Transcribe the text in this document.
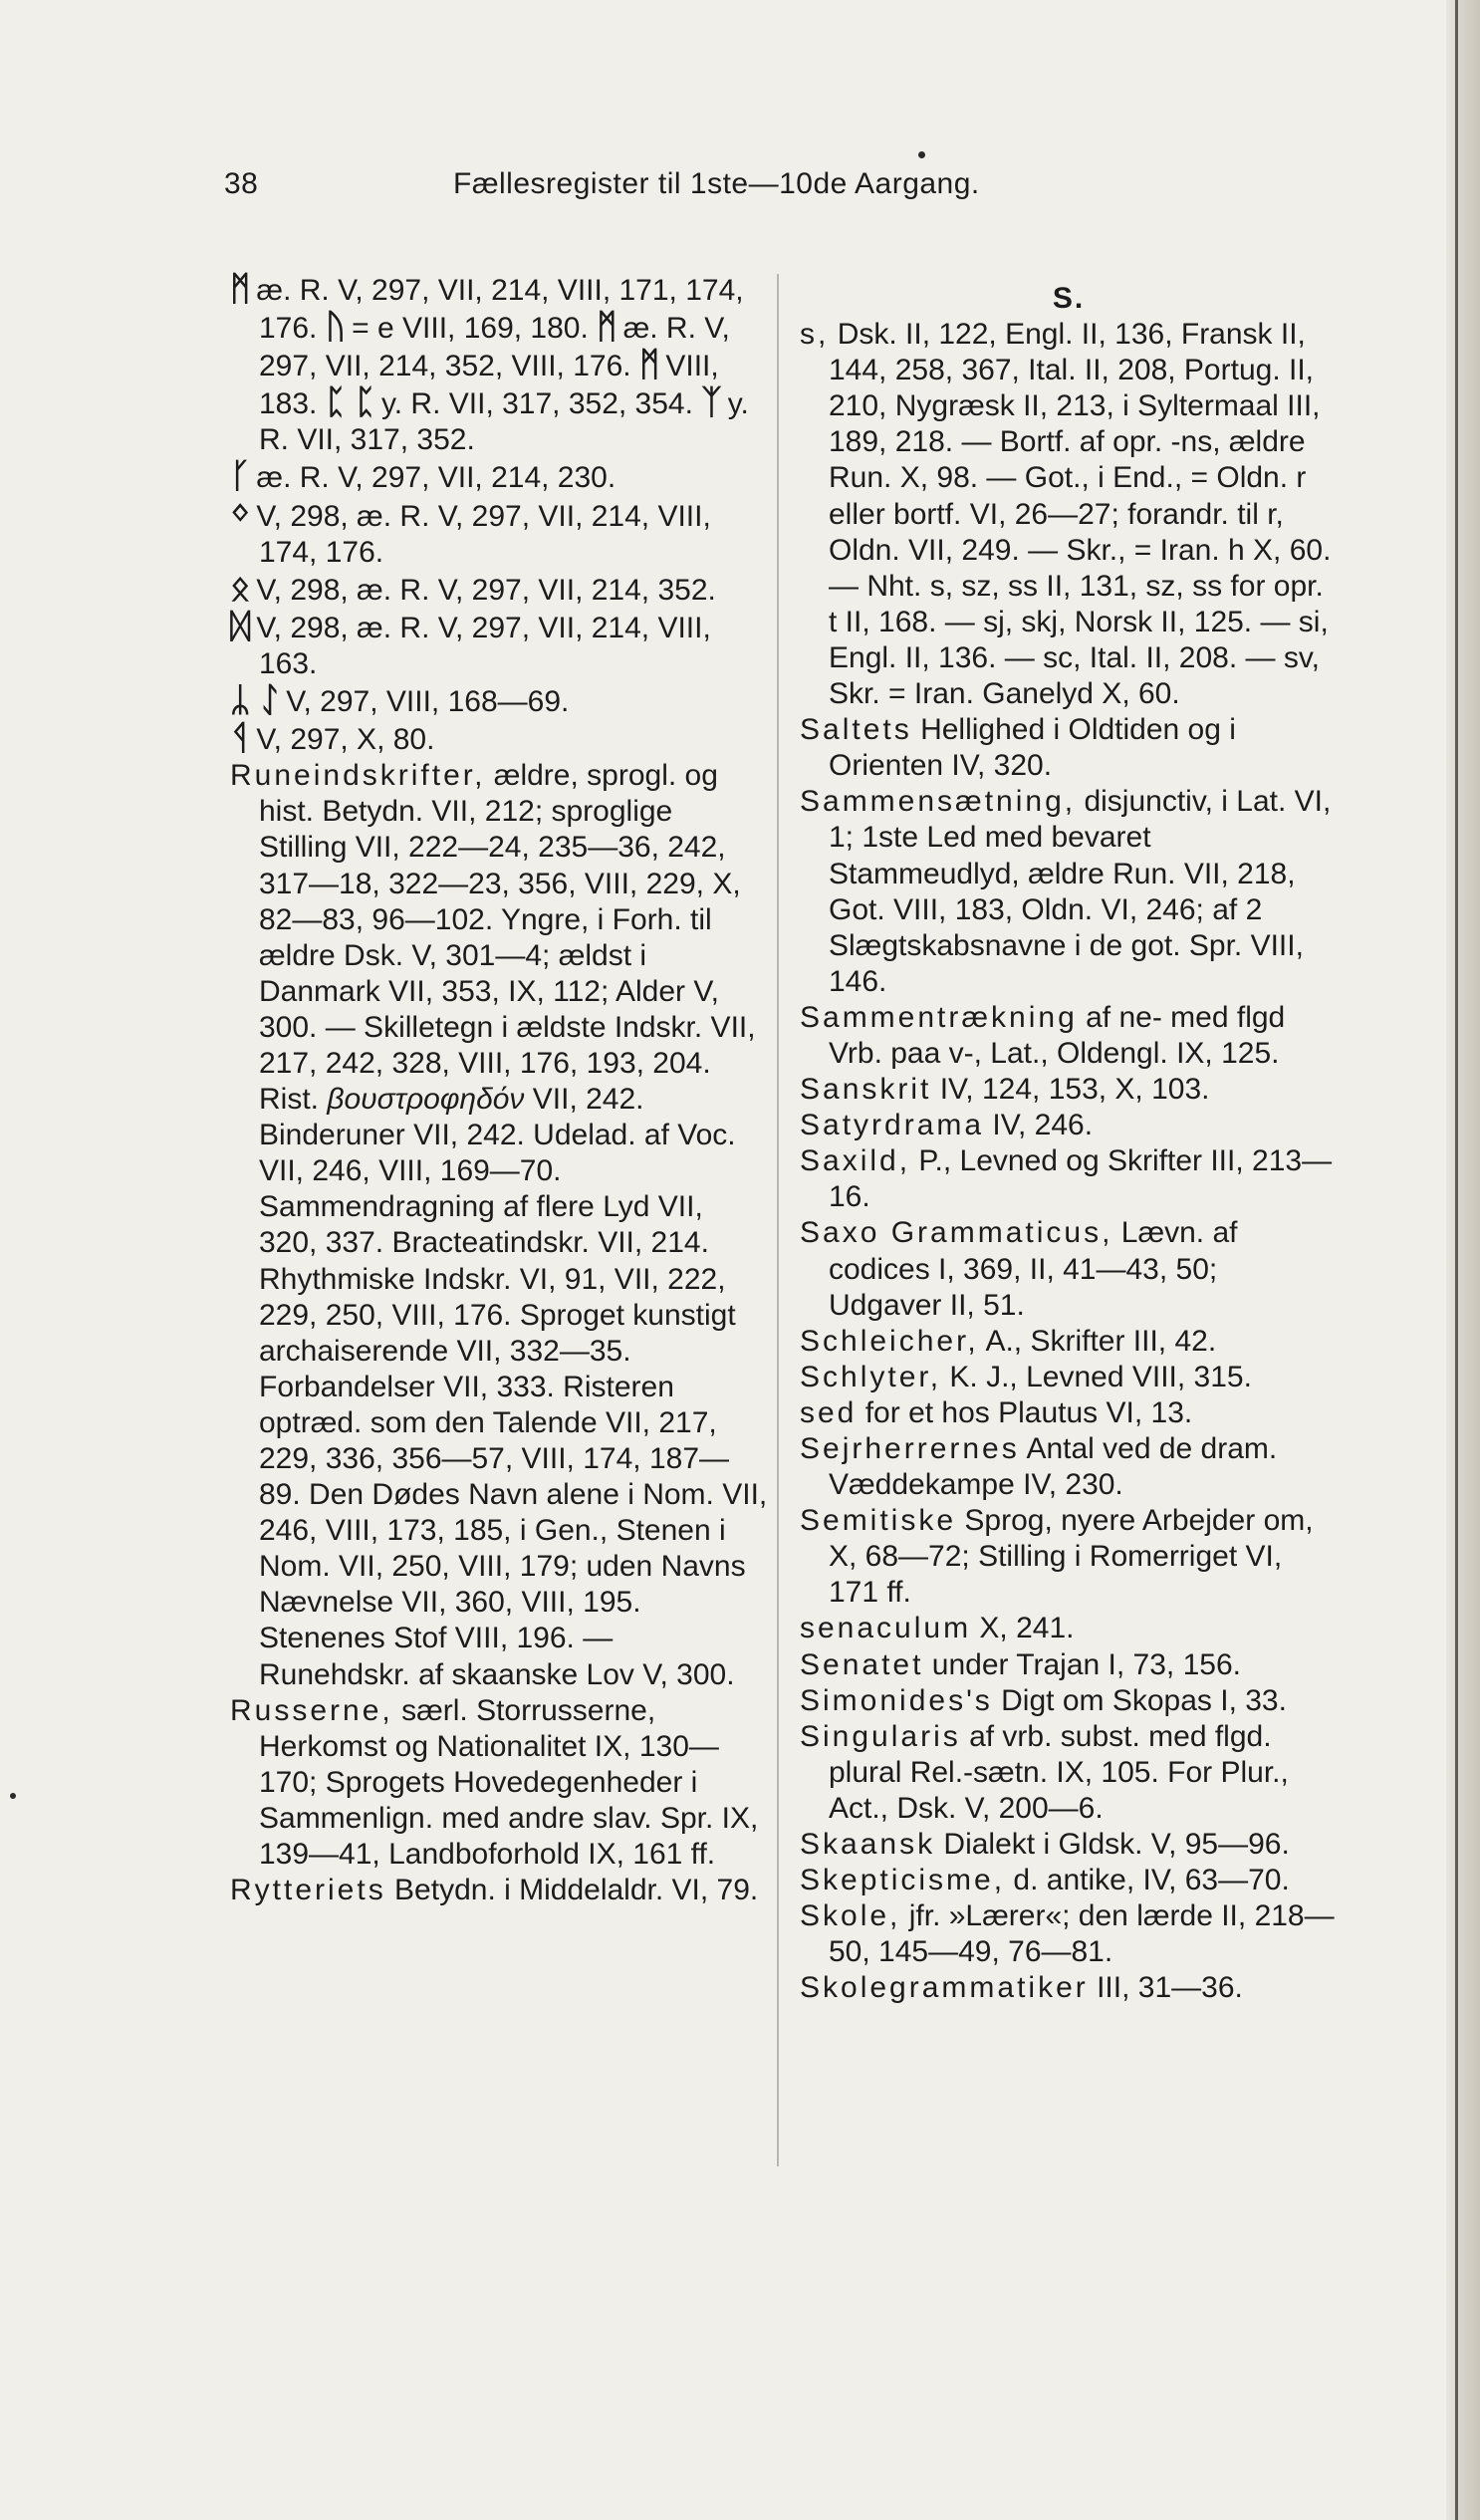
38	Fællesregister til 1ste—10de Aargang.

ᛗ æ. R. V, 297, VII, 214, VIII, 171, 174, 176. ᚢ = e VIII, 169, 180. ᛗ æ. R. V, 297, VII, 214, 352, VIII, 176. ᛗ VIII, 183. ᛈ ᛈ y. R. VII, 317, 352, 354. ᛉ y. R. VII, 317, 352.

ᚴ æ. R. V, 297, VII, 214, 230.

ᛜ V, 298, æ. R. V, 297, VII, 214, VIII, 174, 176.

ᛟ V, 298, æ. R. V, 297, VII, 214, 352.

ᛞ V, 298, æ. R. V, 297, VII, 214, VIII, 163.

ᛦ ᛇ V, 297, VIII, 168—69.

ᛩ V, 297, X, 80.

Runeindskrifter, ældre, sprogl. og hist. Betydn. VII, 212; sproglige Stilling VII, 222—24, 235—36, 242, 317—18, 322—23, 356, VIII, 229, X, 82—83, 96—102. Yngre, i Forh. til ældre Dsk. V, 301—4; ældst i Danmark VII, 353, IX, 112; Alder V, 300. — Skilletegn i ældste Indskr. VII, 217, 242, 328, VIII, 176, 193, 204. Rist. βουστροφηδόν VII, 242. Binderuner VII, 242. Udelad. af Voc. VII, 246, VIII, 169—70. Sammendragning af flere Lyd VII, 320, 337. Bracteatindskr. VII, 214. Rhythmiske Indskr. VI, 91, VII, 222, 229, 250, VIII, 176. Sproget kunstigt archaiserende VII, 332—35. Forbandelser VII, 333. Risteren optræd. som den Talende VII, 217, 229, 336, 356—57, VIII, 174, 187—89. Den Dødes Navn alene i Nom. VII, 246, VIII, 173, 185, i Gen., Stenen i Nom. VII, 250, VIII, 179; uden Navns Nævnelse VII, 360, VIII, 195. Stenenes Stof VIII, 196. — Runehdskr. af skaanske Lov V, 300.

Russerne, særl. Storrusserne, Herkomst og Nationalitet IX, 130—170; Sprogets Hovedegenheder i Sammenlign. med andre slav. Spr. IX, 139—41, Landboforhold IX, 161 ff.

Rytteriets Betydn. i Middelaldr. VI, 79.

S.

s, Dsk. II, 122, Engl. II, 136, Fransk II, 144, 258, 367, Ital. II, 208, Portug. II, 210, Nygræsk II, 213, i Syltermaal III, 189, 218. — Bortf. af opr. -ns, ældre Run. X, 98. — Got., i End., = Oldn. r eller bortf. VI, 26—27; forandr. til r, Oldn. VII, 249. — Skr., = Iran. h X, 60. — Nht. s, sz, ss II, 131, sz, ss for opr. t II, 168. — sj, skj, Norsk II, 125. — si, Engl. II, 136. — sc, Ital. II, 208. — sv, Skr. = Iran. Ganelyd X, 60.

Saltets Hellighed i Oldtiden og i Orienten IV, 320.

Sammensætning, disjunctiv, i Lat. VI, 1; 1ste Led med bevaret Stammeudlyd, ældre Run. VII, 218, Got. VIII, 183, Oldn. VI, 246; af 2 Slægtskabsnavne i de got. Spr. VIII, 146.

Sammentrækning af ne- med flgd Vrb. paa v-, Lat., Oldengl. IX, 125.

Sanskrit IV, 124, 153, X, 103.

Satyrdrama IV, 246.

Saxild, P., Levned og Skrifter III, 213—16.

Saxo Grammaticus, Lævn. af codices I, 369, II, 41—43, 50; Udgaver II, 51.

Schleicher, A., Skrifter III, 42.

Schlyter, K. J., Levned VIII, 315.

sed for et hos Plautus VI, 13.

Sejrherrernes Antal ved de dram. Væddekampe IV, 230.

Semitiske Sprog, nyere Arbejder om, X, 68—72; Stilling i Romerriget VI, 171 ff.

senaculum X, 241.

Senatet under Trajan I, 73, 156.

Simonides's Digt om Skopas I, 33.

Singularis af vrb. subst. med flgd. plural Rel.-sætn. IX, 105. For Plur., Act., Dsk. V, 200—6.

Skaansk Dialekt i Gldsk. V, 95—96.

Skepticisme, d. antike, IV, 63—70.

Skole, jfr. »Lærer«; den lærde II, 218—50, 145—49, 76—81.

Skolegrammatiker III, 31—36.
